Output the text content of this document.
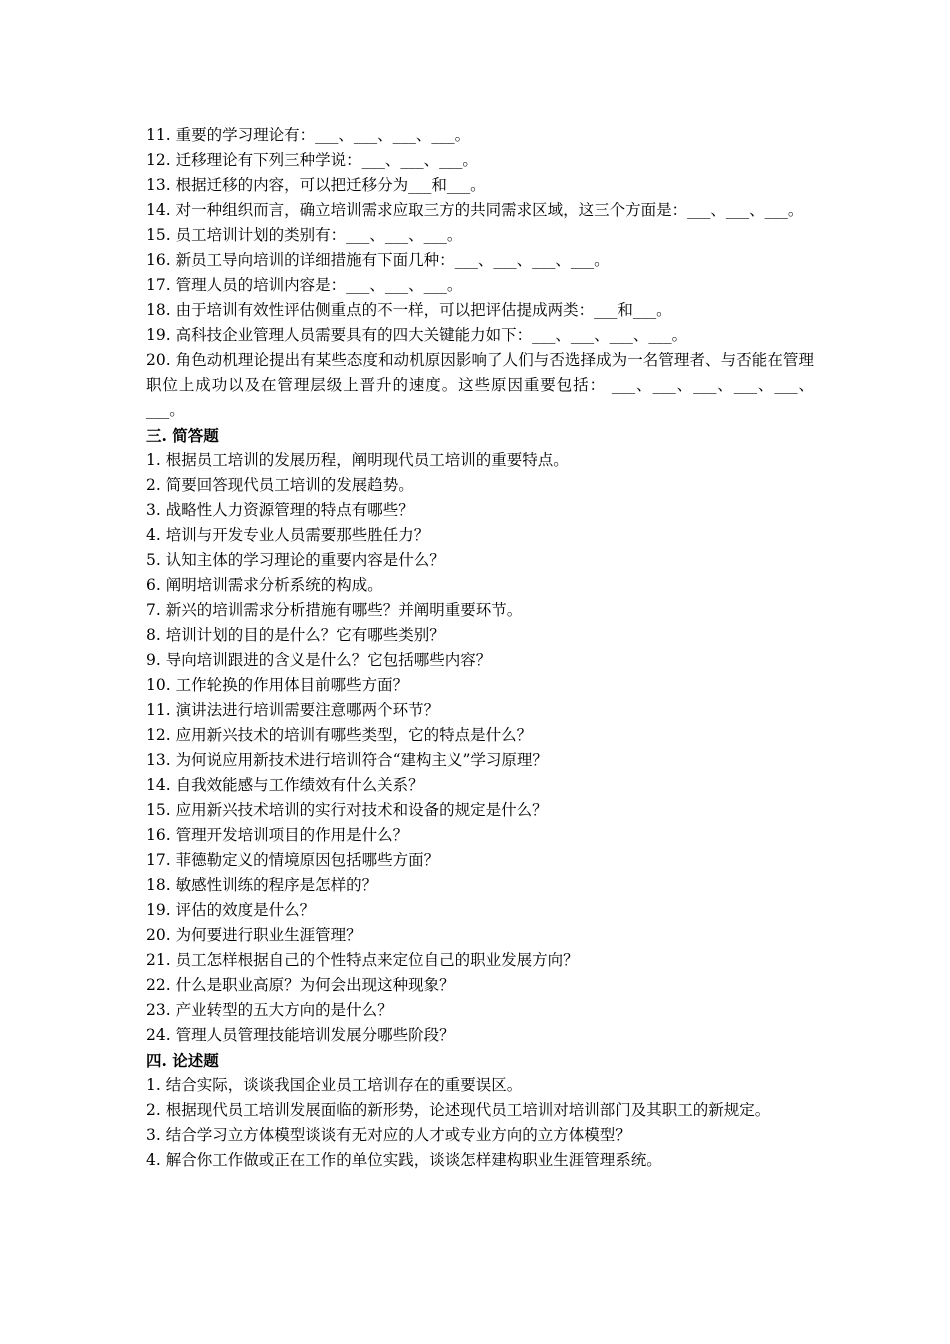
11. 重要的学习理论有：___、___、___、___。
12. 迁移理论有下列三种学说：___、___、___。
13. 根据迁移的内容，可以把迁移分为___和___。
14. 对一种组织而言，确立培训需求应取三方的共同需求区域，这三个方面是：___、___、___。
15. 员工培训计划的类别有：___、___、___。
16. 新员工导向培训的详细措施有下面几种：___、___、___、___。
17. 管理人员的培训内容是：___、___、___。
18. 由于培训有效性评估侧重点的不一样，可以把评估提成两类：___和___。
19. 高科技企业管理人员需要具有的四大关键能力如下：___、___、___、___。
20. 角色动机理论提出有某些态度和动机原因影响了人们与否选择成为一名管理者、与否能在管理职位上成功以及在管理层级上晋升的速度。这些原因重要包括： ___、___、___、___、___、___。
三. 简答题
1. 根据员工培训的发展历程，阐明现代员工培训的重要特点。
2. 简要回答现代员工培训的发展趋势。
3. 战略性人力资源管理的特点有哪些？
4. 培训与开发专业人员需要那些胜任力？
5. 认知主体的学习理论的重要内容是什么？
6. 阐明培训需求分析系统的构成。
7. 新兴的培训需求分析措施有哪些？并阐明重要环节。
8. 培训计划的目的是什么？它有哪些类别？
9. 导向培训跟进的含义是什么？它包括哪些内容？
10. 工作轮换的作用体目前哪些方面？
11. 演讲法进行培训需要注意哪两个环节？
12. 应用新兴技术的培训有哪些类型，它的特点是什么？
13. 为何说应用新技术进行培训符合“建构主义”学习原理？
14. 自我效能感与工作绩效有什么关系？
15. 应用新兴技术培训的实行对技术和设备的规定是什么？
16. 管理开发培训项目的作用是什么？
17. 菲德勒定义的情境原因包括哪些方面？
18. 敏感性训练的程序是怎样的？
19. 评估的效度是什么？
20. 为何要进行职业生涯管理？
21. 员工怎样根据自己的个性特点来定位自己的职业发展方向？
22. 什么是职业高原？为何会出现这种现象？
23. 产业转型的五大方向的是什么？
24. 管理人员管理技能培训发展分哪些阶段？
四. 论述题
1. 结合实际，谈谈我国企业员工培训存在的重要误区。
2. 根据现代员工培训发展面临的新形势，论述现代员工培训对培训部门及其职工的新规定。
3. 结合学习立方体模型谈谈有无对应的人才或专业方向的立方体模型？
4. 解合你工作做或正在工作的单位实践，谈谈怎样建构职业生涯管理系统。
